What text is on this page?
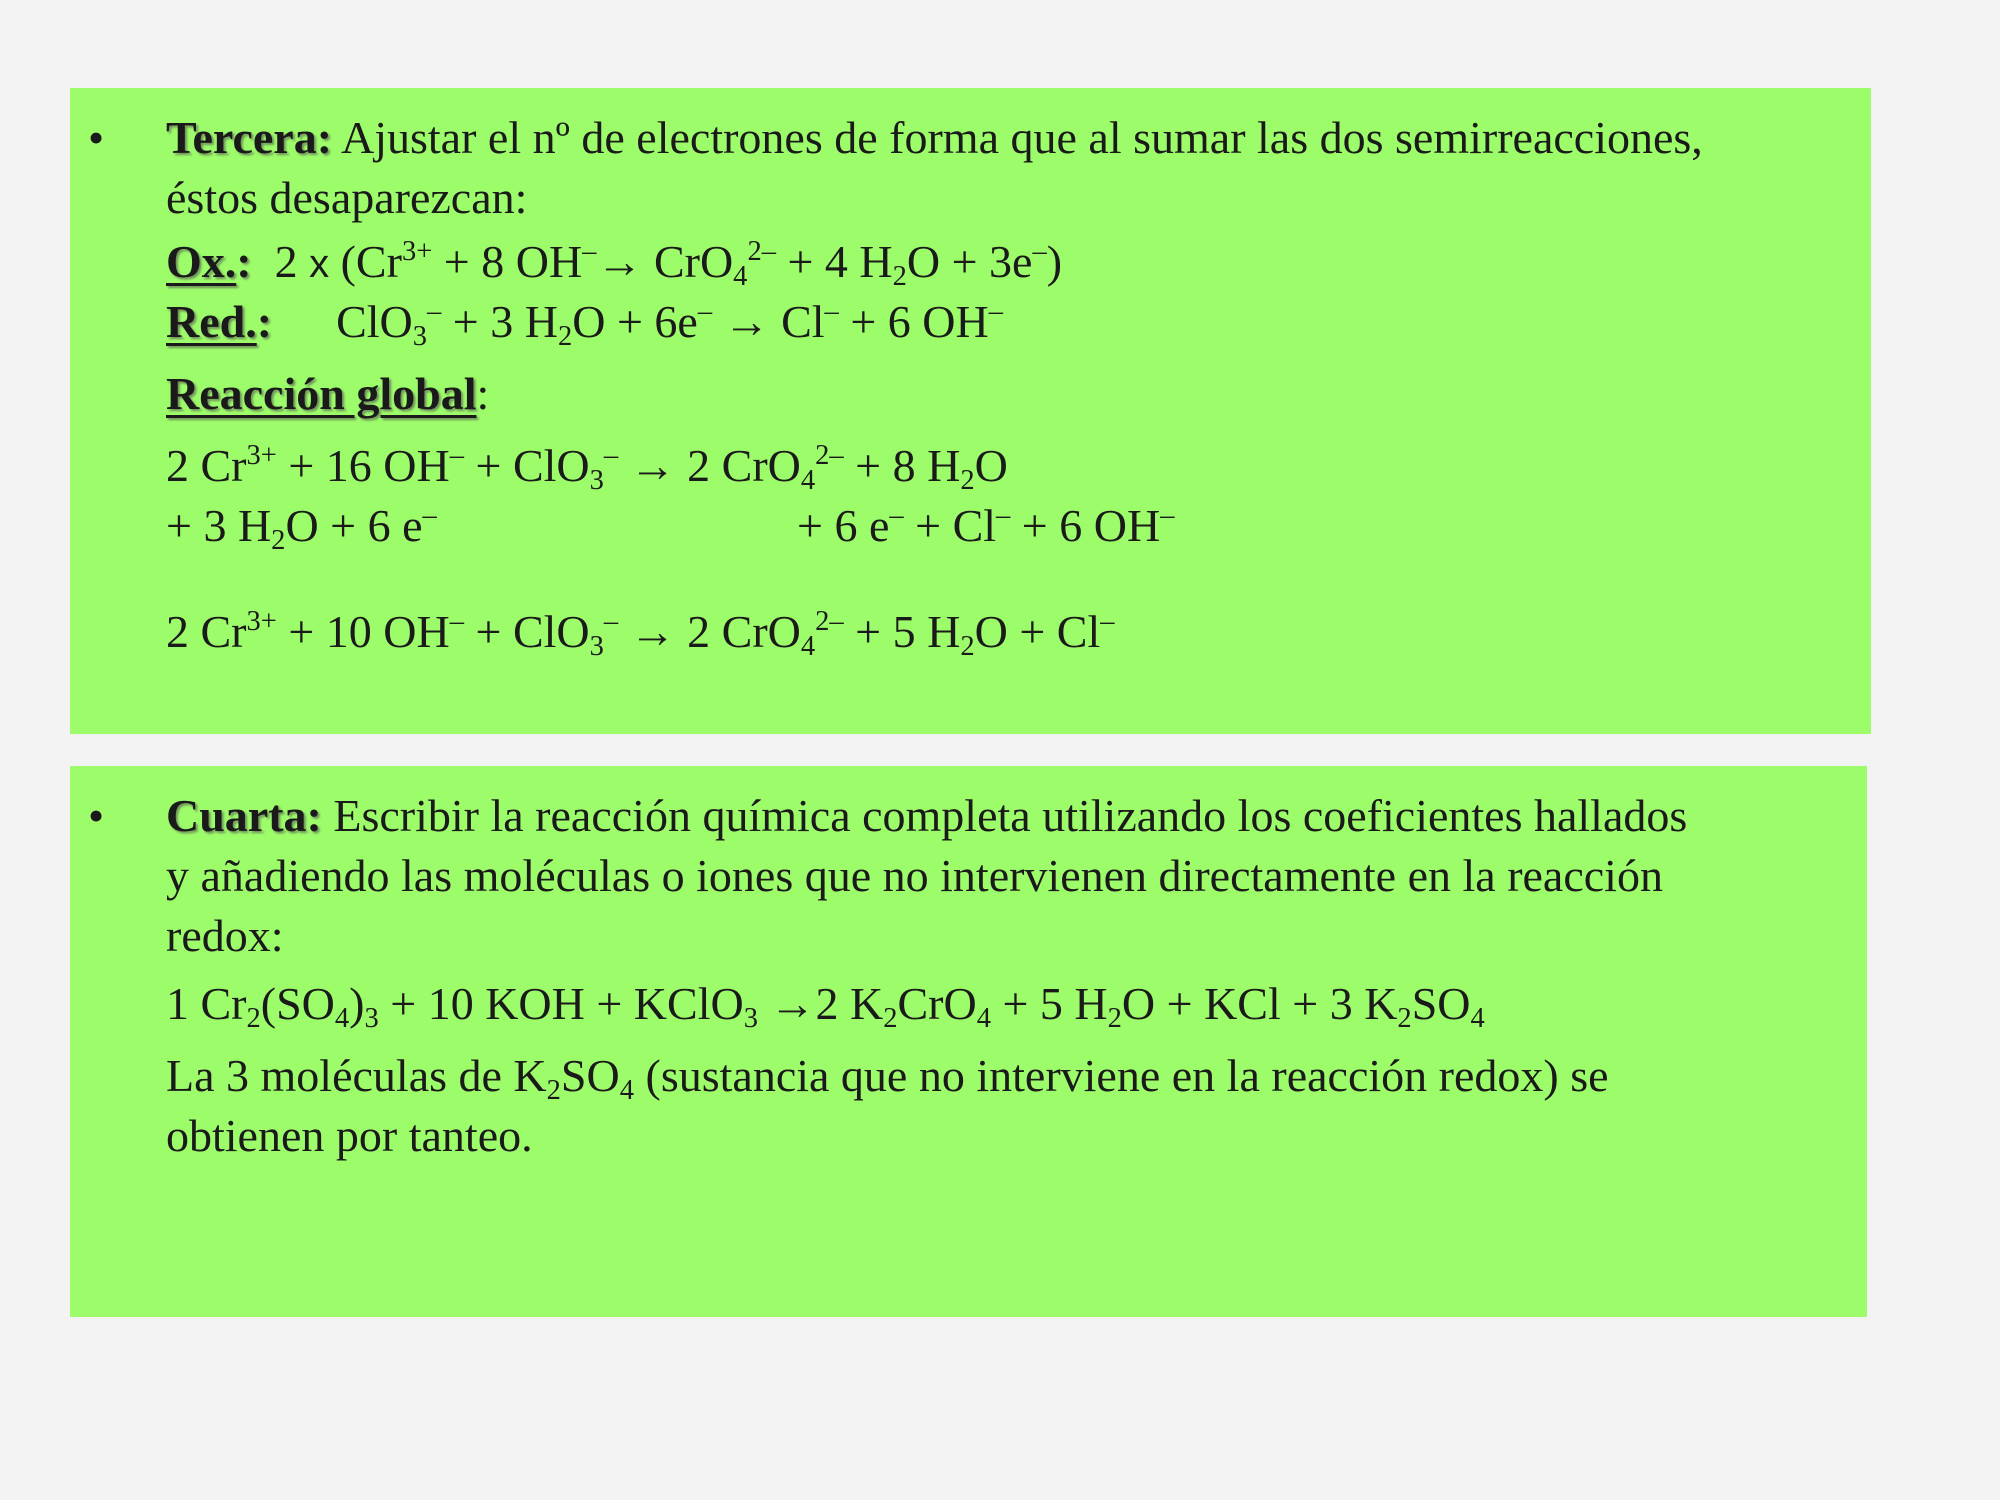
• Tercera: Ajustar el nº de electrones de forma que al sumar las dos semirreacciones,
éstos desaparezcan:
Ox.: 2 x ($Cr^{3+} + 8$ OH–→ CrO$_4^{2-}$ + 4 $H_2O + 3e^-$)
Red.: ClO$_3$– + 3 $H_2O + 6e^- \to Cl^- + 6$ OH–
Reacción global:
2 $Cr^{3+} + 16$ OH– + ClO$_3$– → 2 CrO$_4^{2-}$ + 8 $H_2O$
+ 3 $H_2O + 6$ e–	+ 6 e– + Cl– + 6 OH–
2 $Cr^{3+} + 10$ OH– + ClO$_3$– → 2 CrO$_4^{2-}$ + 5 $H_2O + Cl^-$
• Cuarta: Escribir la reacción química completa utilizando los coeficientes hallados
y añadiendo las moléculas o iones que no intervienen directamente en la reacción
redox:
1 $Cr_2(SO_4)_3 + 10$ KOH + KClO$_3$ →2 $K_2CrO_4 + 5$ $H_2O$ + KCl + 3 $K_2SO_4$
La 3 moléculas de $K_2SO_4$ (sustancia que no interviene en la reacción redox) se
obtienen por tanteo.
